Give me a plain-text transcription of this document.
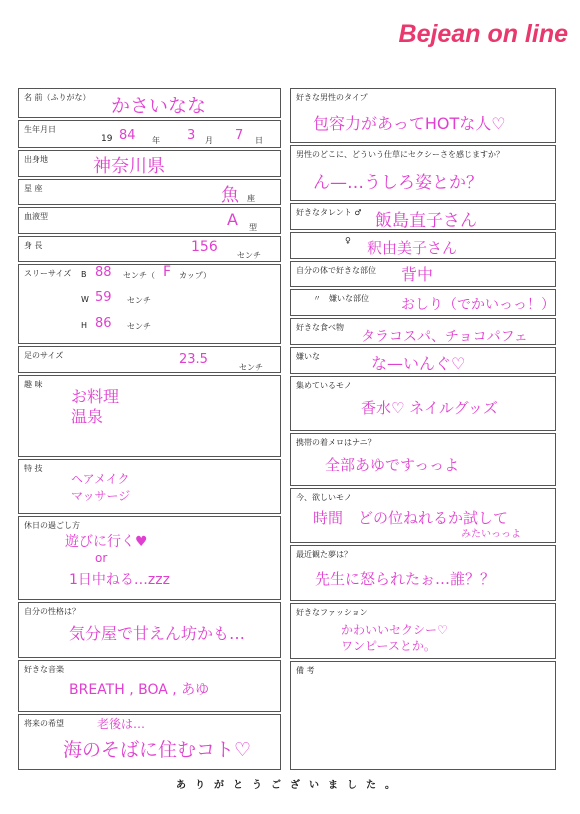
Bejean on line
名 前（ふりがな） かさいなな
生年月日
19 84 年 3 月 7 日
出身地	神奈川県
星 座	魚 座
血液型	A 型
身 長	156
センチ
スリーサイズ B 88 センチ（ F カップ）
W 59 センチ
H 86 センチ
足のサイズ	23.5
センチ
趣 味
お料理
温泉
特 技
ヘアメイク
マッサージ
休日の過ごし方
遊びに行く♥
or
1日中ねる…zzz
自分の性格は？
気分屋で甘えん坊かも…
好きな音楽
BREATH , BOA , あゆ
将来の希望	老後は…
海のそばに住むコト♡
好きな男性のタイプ
包容力があってHOTな人♡
男性のどこに、どういう仕草にセクシーさを感じますか？
ん—…うしろ姿とか？
好きなタレント ♂ 飯島直子さん
♀ 釈由美子さん
自分の体で好きな部位 背中
〃　嫌いな部位 おしり（でかいっっ！）
好きな食べ物
タラコスパ、チョコパフェ
嫌いな	な—いんぐ♡
集めているモノ
香水♡ ネイルグッズ
携帯の着メロはナニ？
全部あゆですっっよ
今、欲しいモノ
時間　どの位ねれるか試して
みたいっっよ
最近観た夢は？
先生に怒られたぉ…誰？？
好きなファッション
かわいいセクシー♡
ワンピースとか。
備 考
ありがとうございました。
